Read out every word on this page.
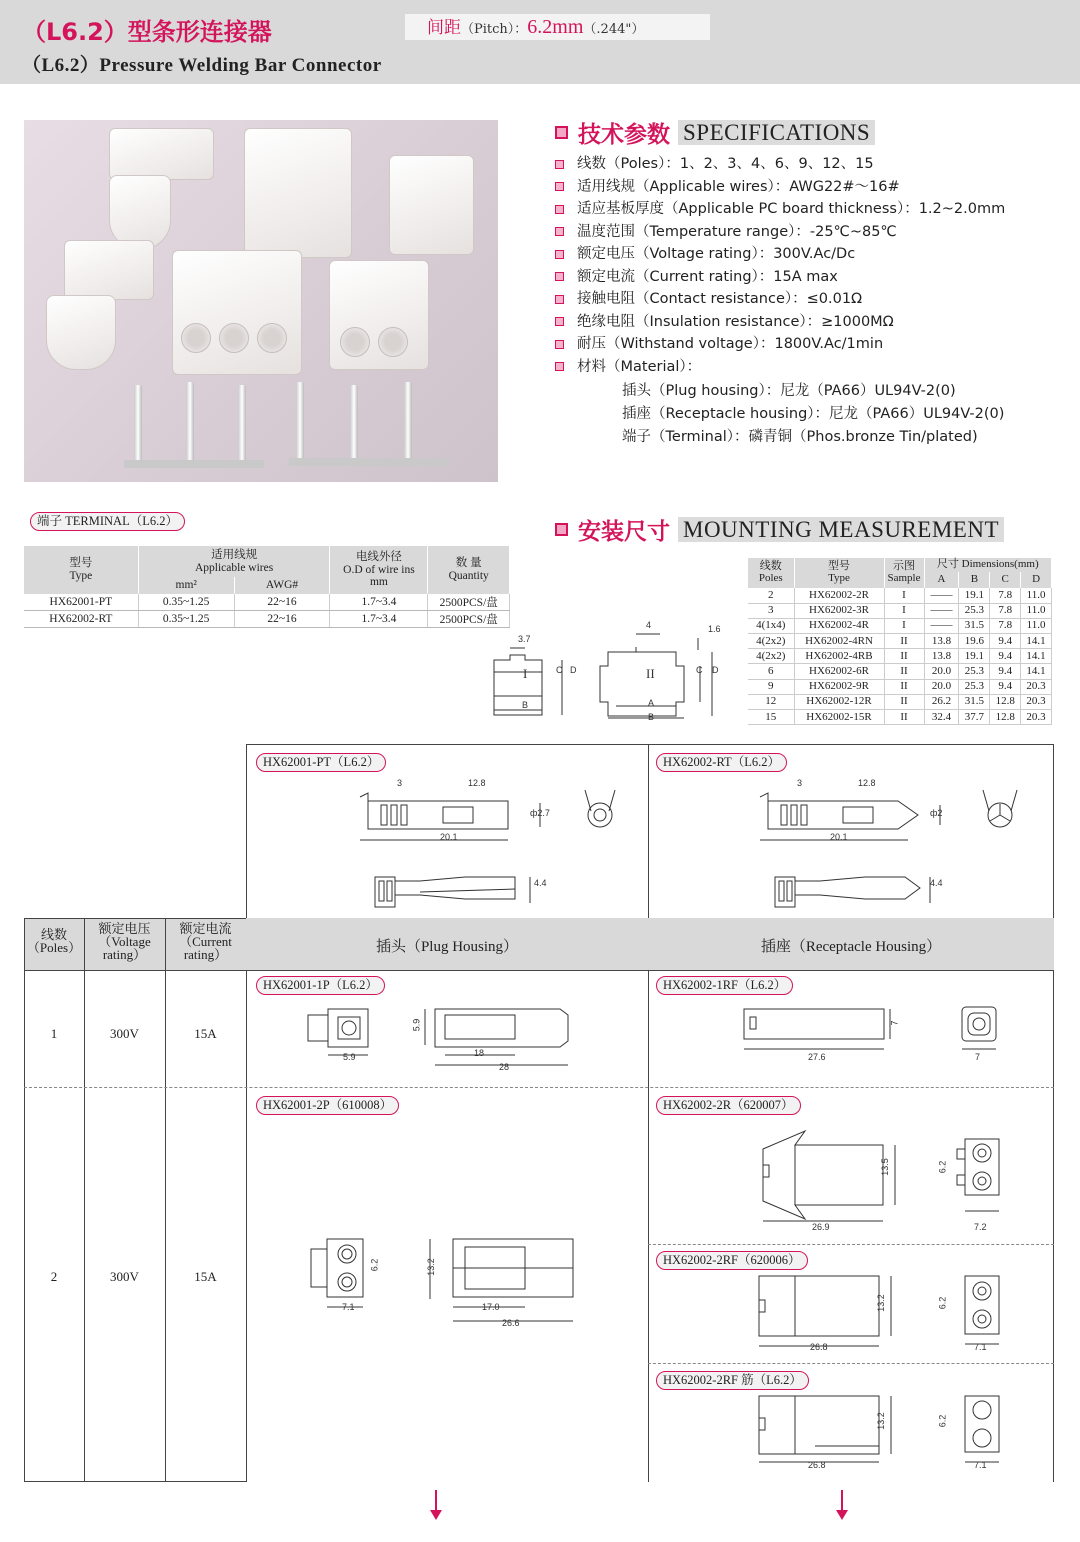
（L6.2）型条形连接器
（L6.2）Pressure Welding Bar Connector
间距（Pitch）：6.2mm（.244"）
技术参数 SPECIFICATIONS
线数（Poles）：1、2、3、4、6、9、12、15
适用线规（Applicable wires）：AWG22#～16#
适应基板厚度（Applicable PC board thickness）：1.2~2.0mm
温度范围（Temperature range）：-25℃~85℃
额定电压（Voltage rating）：300V.Ac/Dc
额定电流（Current rating）：15A max
接触电阻（Contact resistance）：≤0.01Ω
绝缘电阻（Insulation resistance）：≥1000MΩ
耐压（Withstand voltage）：1800V.Ac/1min
材料（Material）：
插头（Plug housing）：尼龙（PA66）UL94V-2(0)
插座（Receptacle housing）：尼龙（PA66）UL94V-2(0)
端子（Terminal）：磷青铜（Phos.bronze Tin/plated)
端子 TERMINAL（L6.2）
型号
Type	适用线规
Applicable wires		电线外径
O.D of wire ins
mm	数 量
Quantity
	mm²	AWG#		
HX62001-PT	0.35~1.25	22~16	1.7~3.4	2500PCS/盘
HX62002-RT	0.35~1.25	22~16	1.7~3.4	2500PCS/盘
安装尺寸 MOUNTING MEASUREMENT
线数
Poles	型号
Type	示图
Sample	尺寸 Dimensions(mm)			
			A	B	C	D
2	HX62002-2R	I	——	19.1	7.8	11.0
3	HX62002-3R	I	——	25.3	7.8	11.0
4(1x4)	HX62002-4R	I	——	31.5	7.8	11.0
4(2x2)	HX62002-4RN	II	13.8	19.6	9.4	14.1
4(2x2)	HX62002-4RB	II	13.8	19.1	9.4	14.1
6	HX62002-6R	II	20.0	25.3	9.4	14.1
9	HX62002-9R	II	20.0	25.3	9.4	20.3
12	HX62002-12R	II	26.2	31.5	12.8	20.3
15	HX62002-15R	II	32.4	37.7	12.8	20.3
3.7
I	C D
B
4	1.6
II	C D
A
B
HX62001-PT（L6.2）	HX62002-RT（L6.2）
3	12.8
20.1
ф2.7
4.4
3	12.8
20.1
ф2
4.4
线数
（Poles）
额定电压
（Voltage
rating）
额定电流
（Current
rating）	插头（Plug Housing）	插座（Receptacle Housing）
1	300V	15A
2	300V	15A
HX62001-1P（L6.2）	HX62002-1RF（L6.2）
HX62001-2P（610008）	HX62002-2R（620007）
HX62002-2RF（620006）
HX62002-2RF 筋（L6.2）
5.9
5.9
18
28
27.6
7
7
6.2
7.1
13.2
17.0
26.6
13.5
26.9
6.2
7.2
13.2
26.8
6.2
7.1
13.2
26.8
6.2
7.1
